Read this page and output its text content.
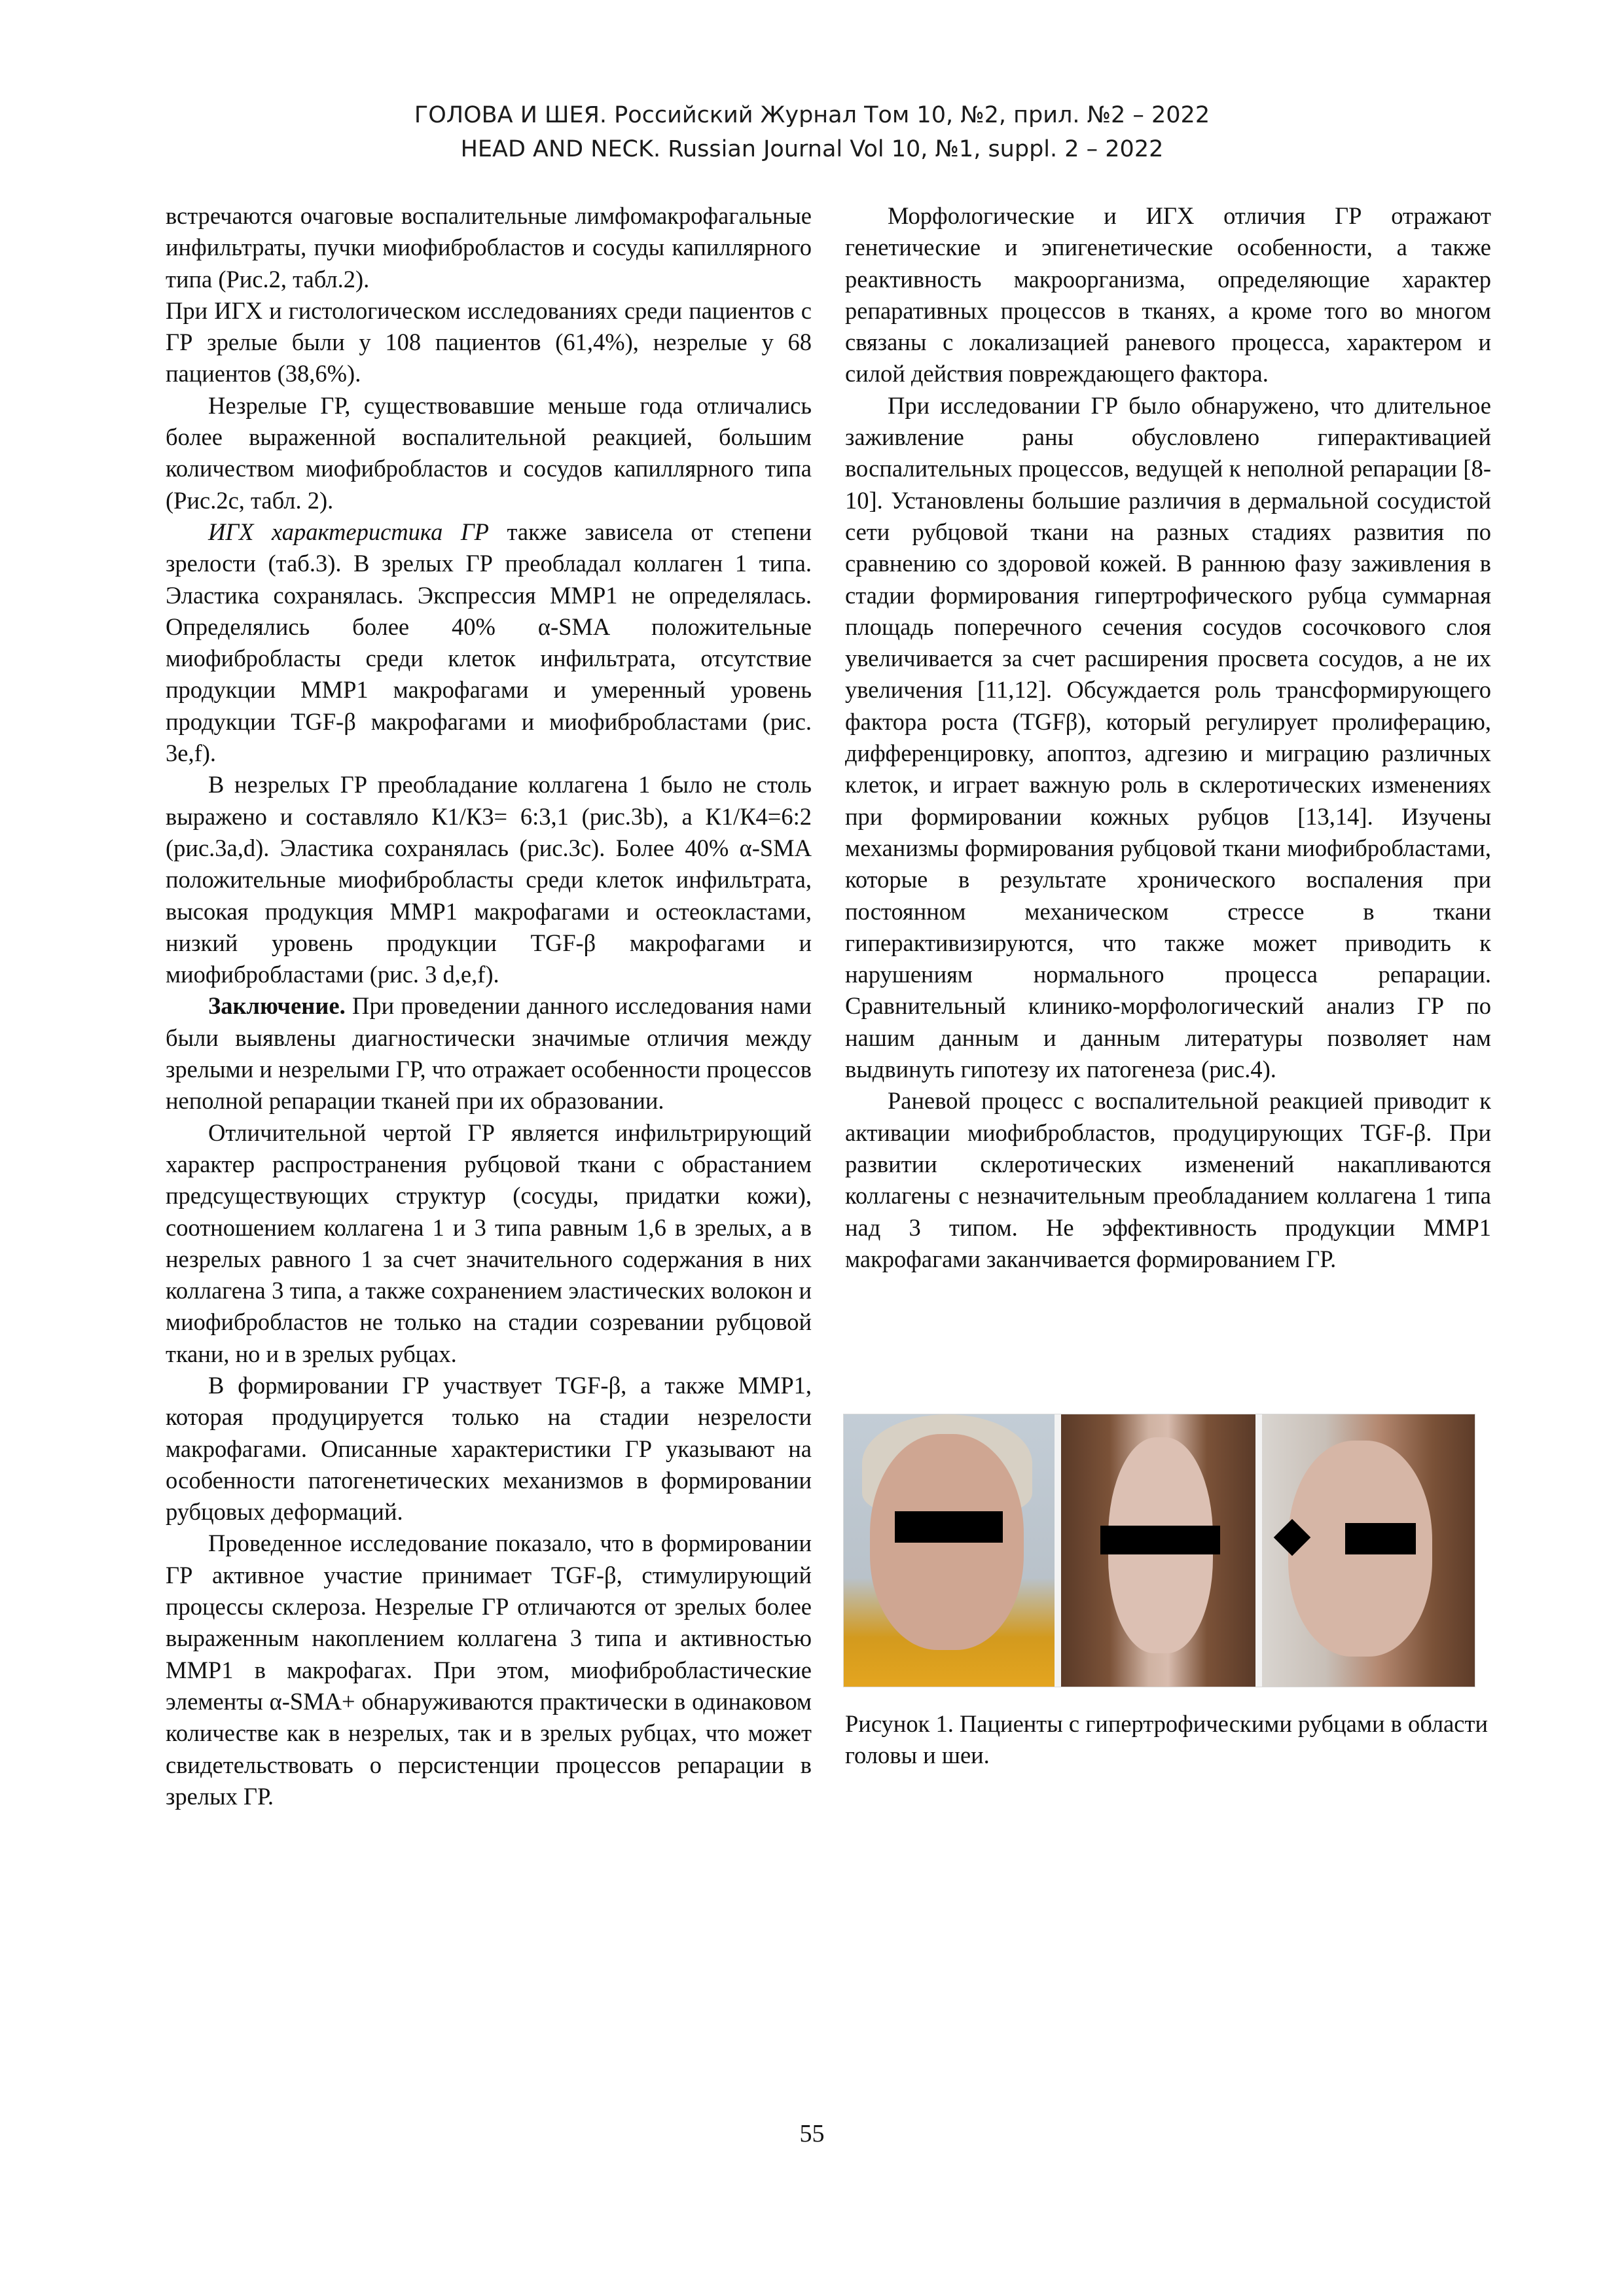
ГОЛОВА И ШЕЯ. Российский Журнал Том 10, №2, прил. №2 – 2022
HEAD AND NECK. Russian Journal Vol 10, №1, suppl. 2 – 2022

встречаются очаговые воспалительные лимфомакрофагальные инфильтраты, пучки миофибробластов и сосуды капиллярного типа (Рис.2, табл.2).

При ИГХ и гистологическом исследованиях среди пациентов с ГР зрелые были у 108 пациентов (61,4%), незрелые у 68 пациентов (38,6%).

Незрелые ГР, существовавшие меньше года отличались более выраженной воспалительной реакцией, большим количеством миофибробластов и сосудов капиллярного типа (Рис.2с, табл. 2).

ИГХ характеристика ГР также зависела от степени зрелости (таб.3). В зрелых ГР преобладал коллаген 1 типа. Эластика сохранялась. Экспрессия MMP1 не определялась. Определялись более 40% α-SMA положительные миофибробласты среди клеток инфильтрата, отсутствие продукции MMP1 макрофагами и умеренный уровень продукции TGF-β макрофагами и миофибробластами (рис. 3e,f).

В незрелых ГР преобладание коллагена 1 было не столь выражено и составляло К1/К3= 6:3,1 (рис.3b), а К1/К4=6:2 (рис.3a,d). Эластика сохранялась (рис.3c). Более 40% α-SMA положительные миофибробласты среди клеток инфильтрата, высокая продукция MMP1 макрофагами и остеокластами, низкий уровень продукции TGF-β макрофагами и миофибробластами (рис. 3 d,e,f).

Заключение. При проведении данного исследования нами были выявлены диагностически значимые отличия между зрелыми и незрелыми ГР, что отражает особенности процессов неполной репарации тканей при их образовании.

Отличительной чертой ГР является инфильтрирующий характер распространения рубцовой ткани с обрастанием предсуществующих структур (сосуды, придатки кожи), соотношением коллагена 1 и 3 типа равным 1,6 в зрелых, а в незрелых равного 1 за счет значительного содержания в них коллагена 3 типа, а также сохранением эластических волокон и миофибробластов не только на стадии созревании рубцовой ткани, но и в зрелых рубцах.

В формировании ГР участвует TGF-β, а также MMP1, которая продуцируется только на стадии незрелости макрофагами. Описанные характеристики ГР указывают на особенности патогенетических механизмов в формировании рубцовых деформаций.

Проведенное исследование показало, что в формировании ГР активное участие принимает TGF-β, стимулирующий процессы склероза. Незрелые ГР отличаются от зрелых более выраженным накоплением коллагена 3 типа и активностью MMP1 в макрофагах. При этом, миофибробластические элементы α-SMA+ обнаруживаются практически в одинаковом количестве как в незрелых, так и в зрелых рубцах, что может свидетельствовать о персистенции процессов репарации в зрелых ГР.

Морфологические и ИГХ отличия ГР отражают генетические и эпигенетические особенности, а также реактивность макроорганизма, определяющие характер репаративных процессов в тканях, а кроме того во многом связаны с локализацией раневого процесса, характером и силой действия повреждающего фактора.

При исследовании ГР было обнаружено, что длительное заживление раны обусловлено гиперактивацией воспалительных процессов, ведущей к неполной репарации [8-10]. Установлены большие различия в дермальной сосудистой сети рубцовой ткани на разных стадиях развития по сравнению со здоровой кожей. В раннюю фазу заживления в стадии формирования гипертрофического рубца суммарная площадь поперечного сечения сосудов сосочкового слоя увеличивается за счет расширения просвета сосудов, а не их увеличения [11,12]. Обсуждается роль трансформирующего фактора роста (TGFβ), который регулирует пролиферацию, дифференцировку, апоптоз, адгезию и миграцию различных клеток, и играет важную роль в склеротических изменениях при формировании кожных рубцов [13,14]. Изучены механизмы формирования рубцовой ткани миофибробластами, которые в результате хронического воспаления при постоянном механическом стрессе в ткани гиперактивизируются, что также может приводить к нарушениям нормального процесса репарации. Сравнительный клинико-морфологический анализ ГР по нашим данным и данным литературы позволяет нам выдвинуть гипотезу их патогенеза (рис.4).

Раневой процесс с воспалительной реакцией приводит к активации миофибробластов, продуцирующих TGF-β. При развитии склеротических изменений накапливаются коллагены с незначительным преобладанием коллагена 1 типа над 3 типом. Не эффективность продукции MMP1 макрофагами заканчивается формированием ГР.

Рисунок 1. Пациенты с гипертрофическими рубцами в области головы и шеи.

55
